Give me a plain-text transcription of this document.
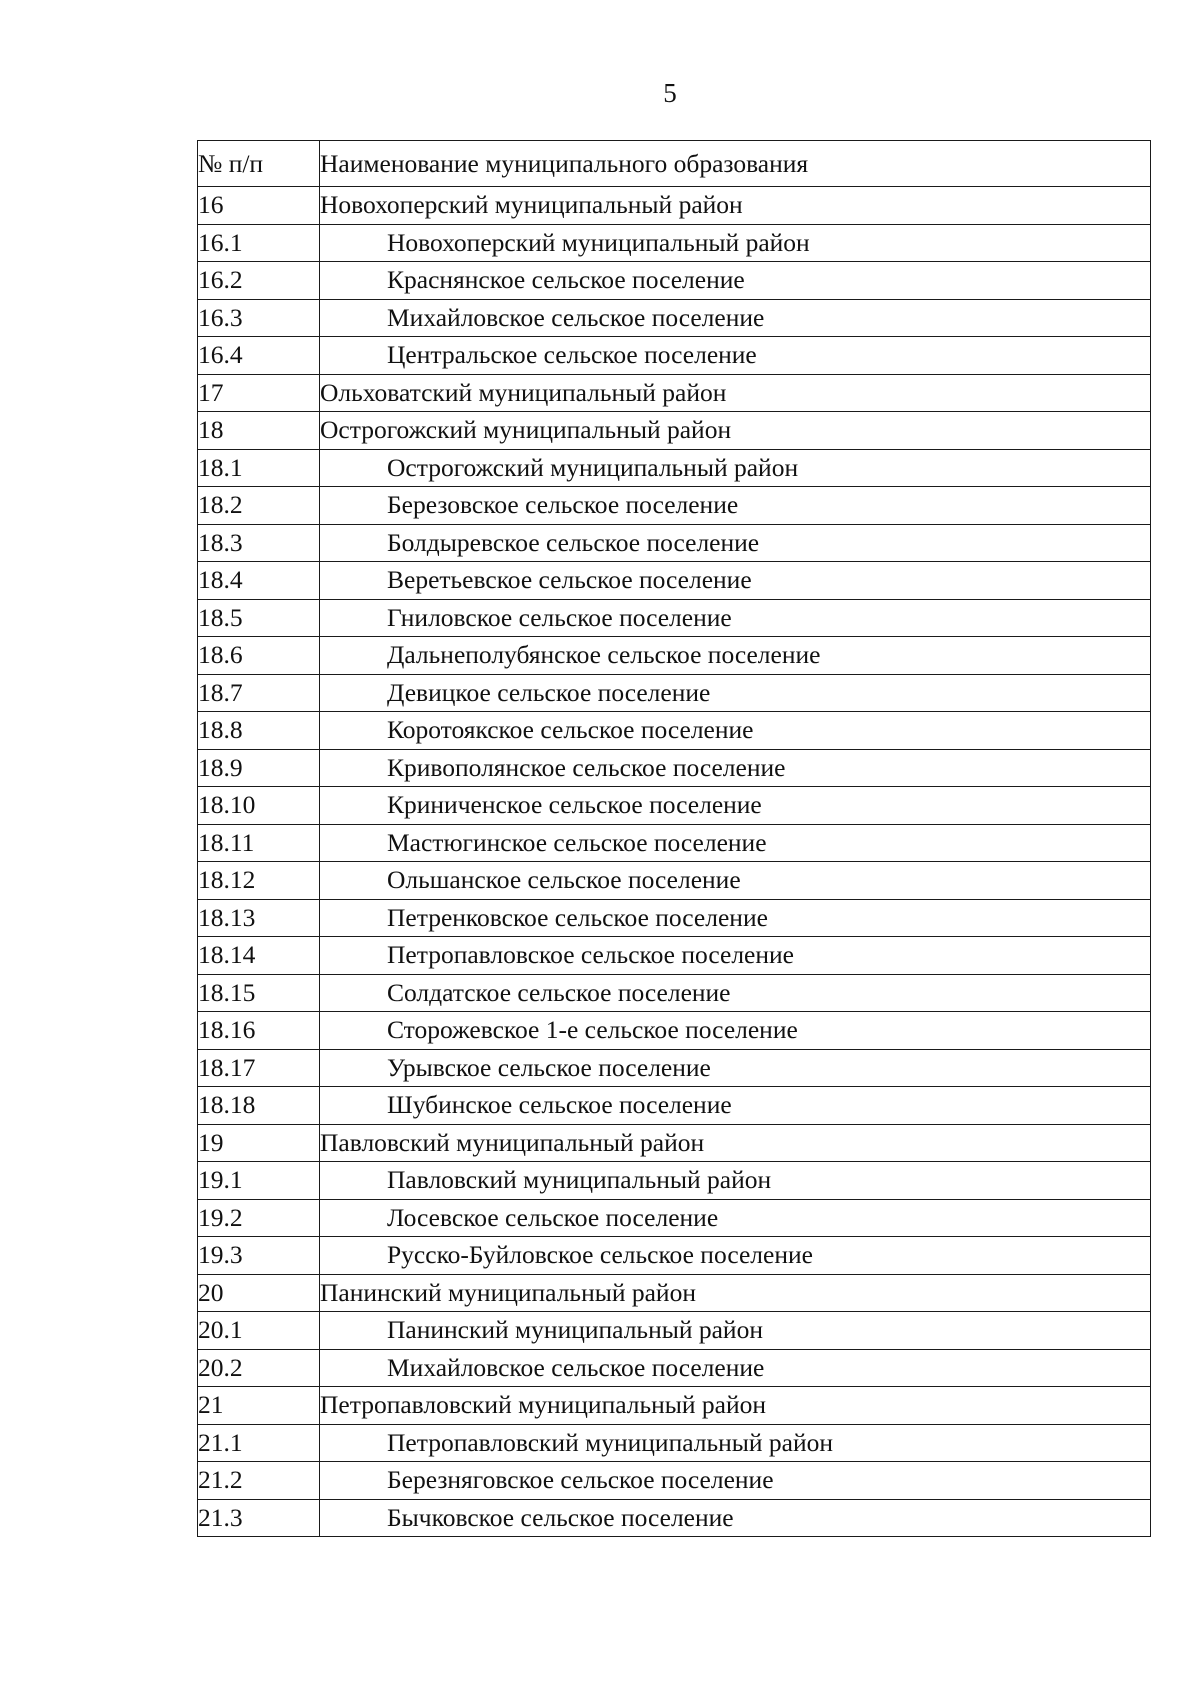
5
№ п/п	Наименование муниципального образования
16	Новохоперский муниципальный район
16.1	Новохоперский муниципальный район
16.2	Краснянское сельское поселение
16.3	Михайловское сельское поселение
16.4	Центральское сельское поселение
17	Ольховатский муниципальный район
18	Острогожский муниципальный район
18.1	Острогожский муниципальный район
18.2	Березовское сельское поселение
18.3	Болдыревское сельское поселение
18.4	Веретьевское сельское поселение
18.5	Гниловское сельское поселение
18.6	Дальнеполубянское сельское поселение
18.7	Девицкое сельское поселение
18.8	Коротоякское сельское поселение
18.9	Кривополянское сельское поселение
18.10	Криниченское сельское поселение
18.11	Мастюгинское сельское поселение
18.12	Ольшанское сельское поселение
18.13	Петренковское сельское поселение
18.14	Петропавловское сельское поселение
18.15	Солдатское сельское поселение
18.16	Сторожевское 1-е сельское поселение
18.17	Урывское сельское поселение
18.18	Шубинское сельское поселение
19	Павловский муниципальный район
19.1	Павловский муниципальный район
19.2	Лосевское сельское поселение
19.3	Русско-Буйловское сельское поселение
20	Панинский муниципальный район
20.1	Панинский муниципальный район
20.2	Михайловское сельское поселение
21	Петропавловский муниципальный район
21.1	Петропавловский муниципальный район
21.2	Березняговское сельское поселение
21.3	Бычковское сельское поселение
